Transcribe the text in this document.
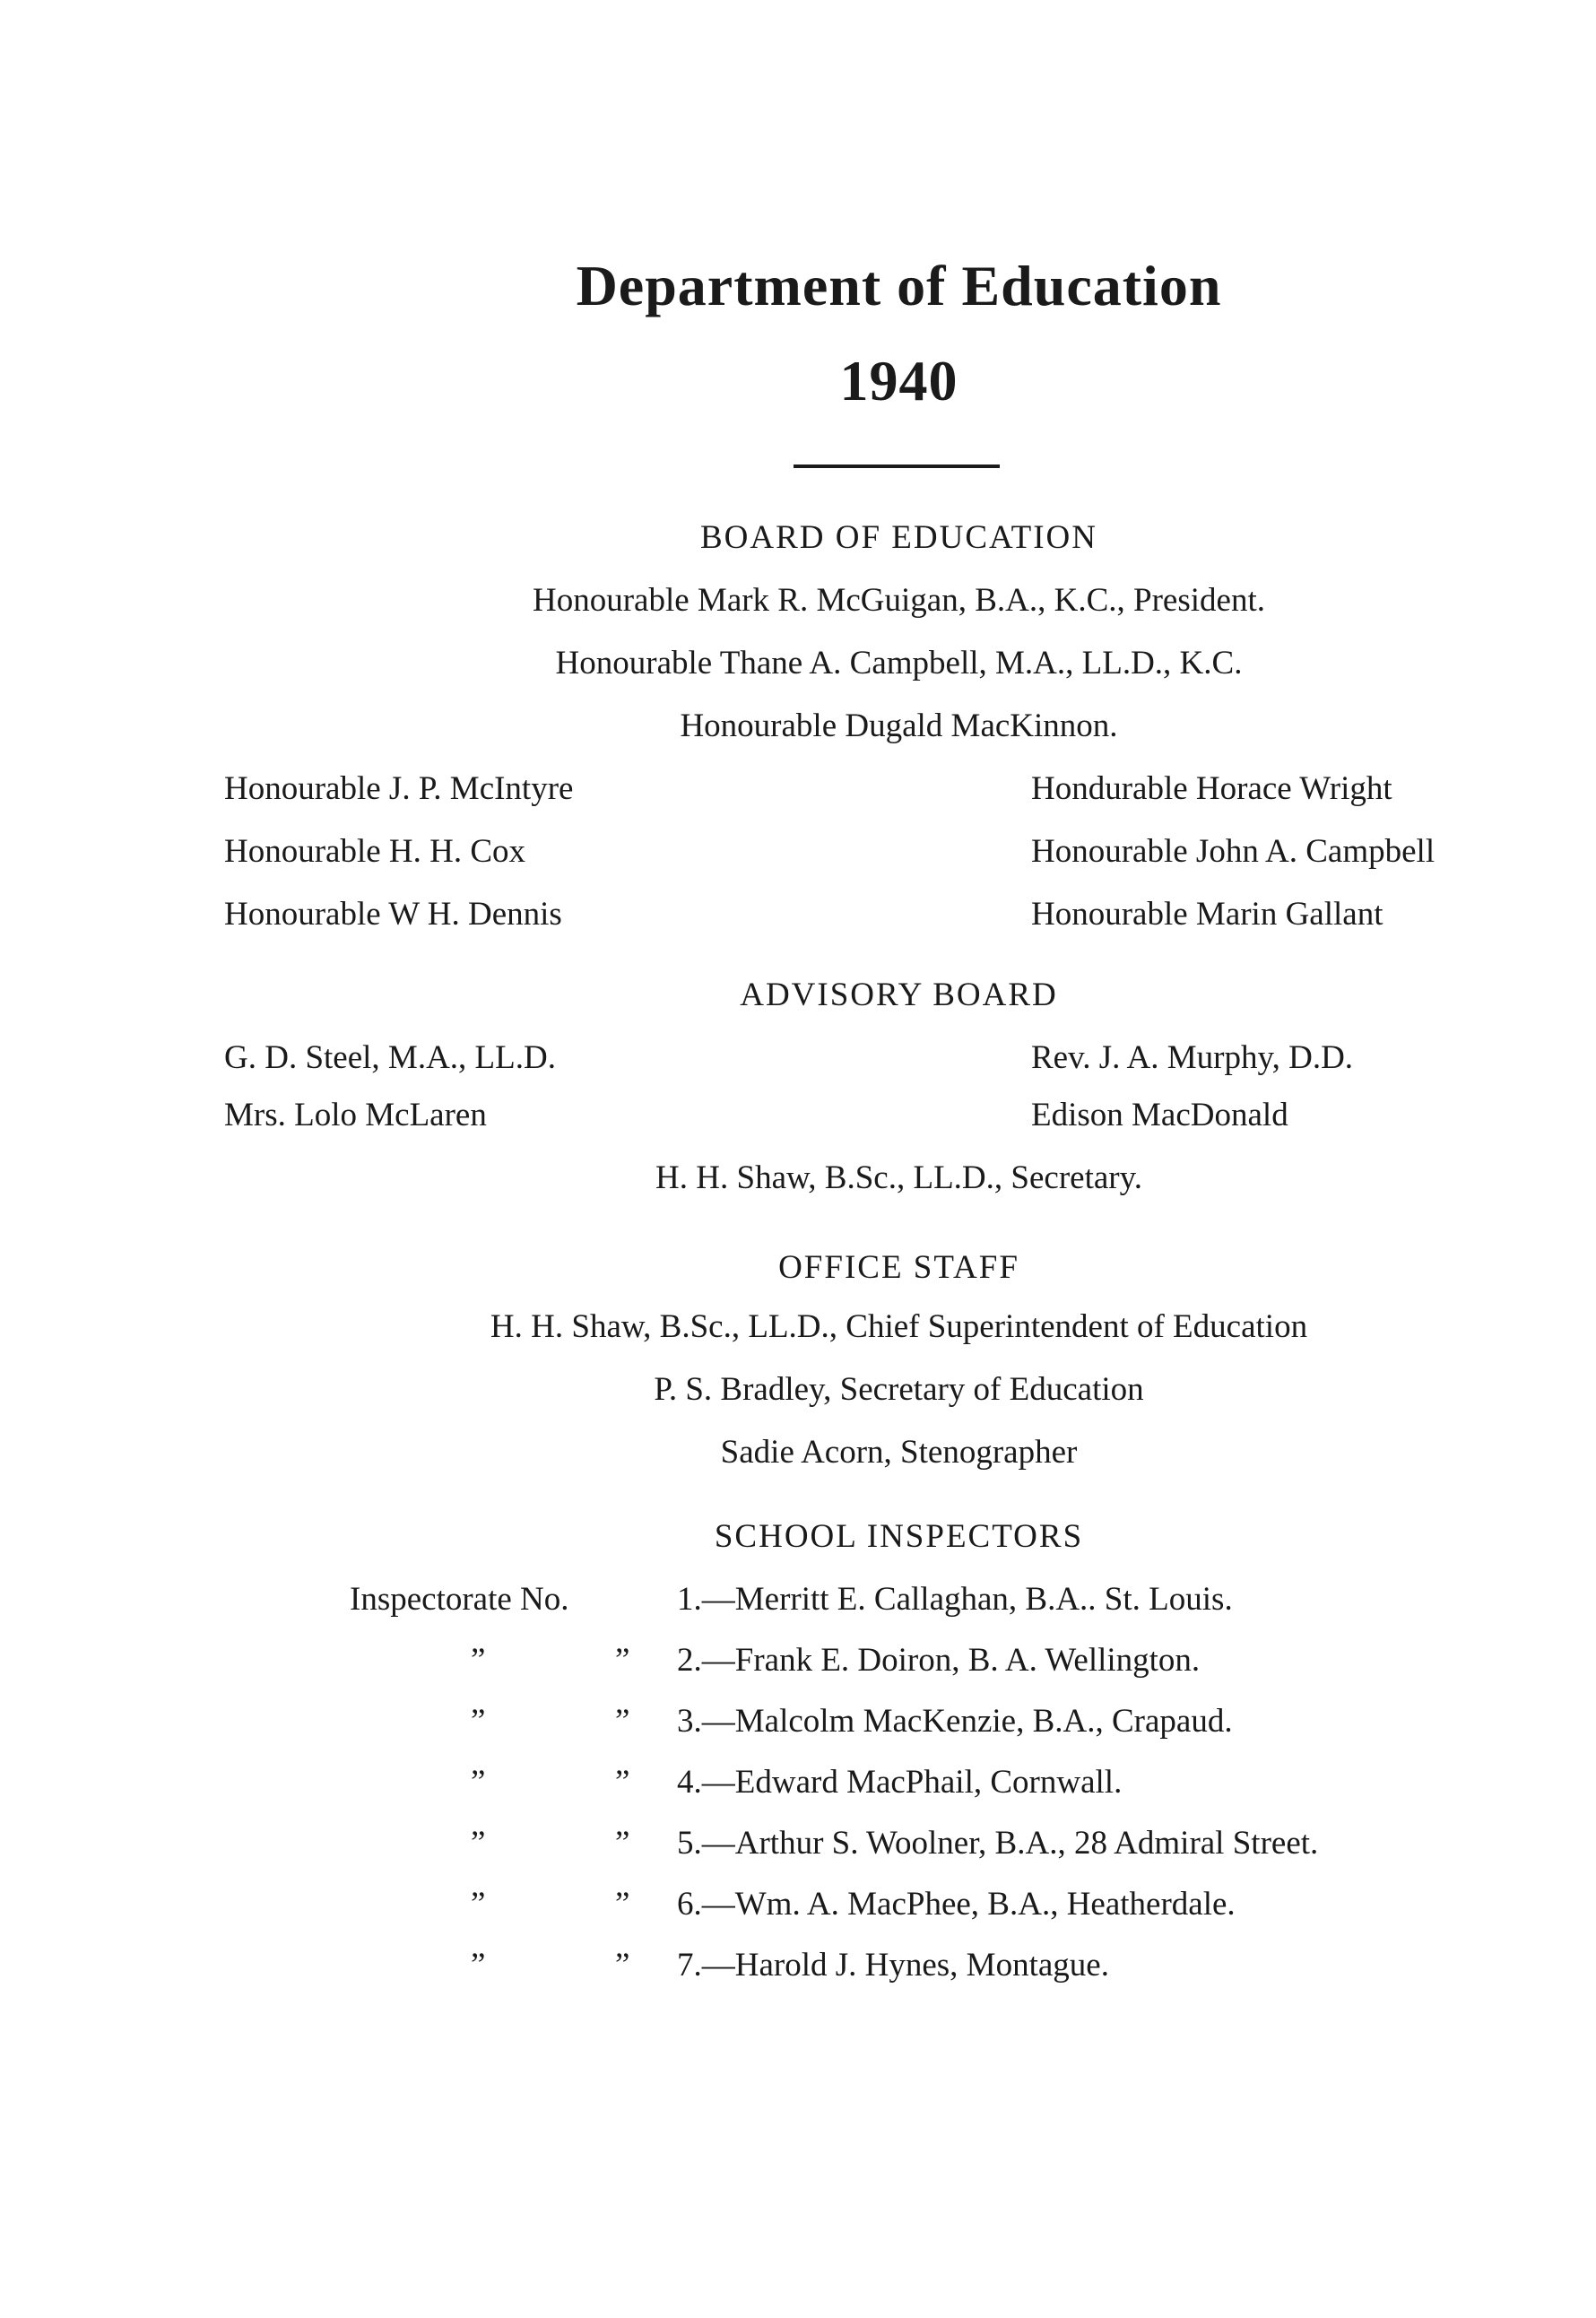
Department of Education
1940
BOARD OF EDUCATION
Honourable Mark R. McGuigan, B.A., K.C., President.
Honourable Thane A. Campbell, M.A., LL.D., K.C.
Honourable Dugald MacKinnon.
Honourable J. P. McIntyre	Hondurable Horace Wright
Honourable H. H. Cox	Honourable John A. Campbell
Honourable W H. Dennis	Honourable Marin Gallant
ADVISORY BOARD
G. D. Steel, M.A., LL.D.	Rev. J. A. Murphy, D.D.
Mrs. Lolo McLaren	Edison MacDonald
H. H. Shaw, B.Sc., LL.D., Secretary.
OFFICE STAFF
H. H. Shaw, B.Sc., LL.D., Chief Superintendent of Education
P. S. Bradley, Secretary of Education
Sadie Acorn, Stenographer
SCHOOL INSPECTORS
Inspectorate No.	1.—Merritt E. Callaghan, B.A.. St. Louis.
”	” 2.—Frank E. Doiron, B. A. Wellington.
”	” 3.—Malcolm MacKenzie, B.A., Crapaud.
”	” 4.—Edward MacPhail, Cornwall.
”	” 5.—Arthur S. Woolner, B.A., 28 Admiral Street.
”	” 6.—Wm. A. MacPhee, B.A., Heatherdale.
”	” 7.—Harold J. Hynes, Montague.
